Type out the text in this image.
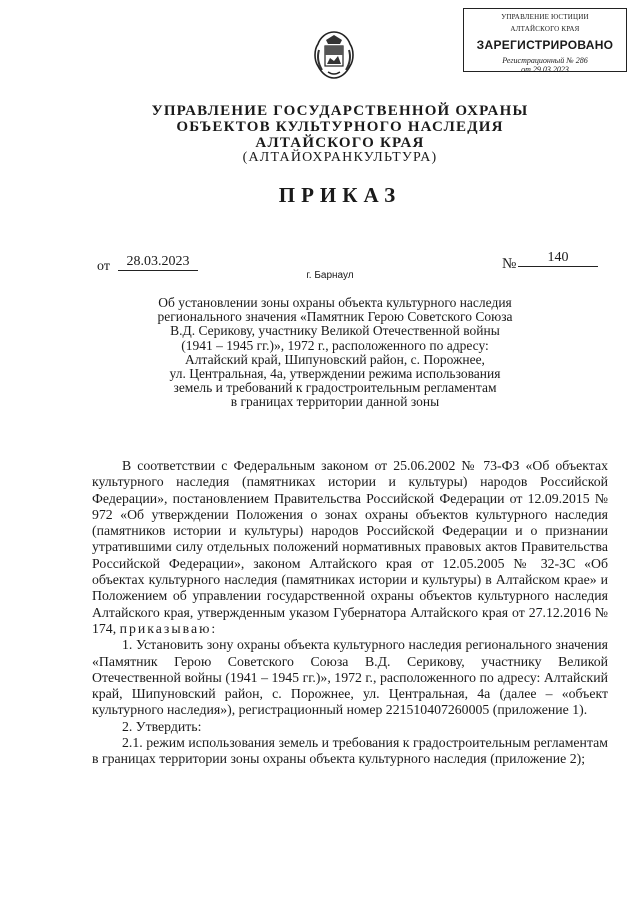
УПРАВЛЕНИЕ ЮСТИЦИИ
АЛТАЙСКОГО КРАЯ
ЗАРЕГИСТРИРОВАНО
Регистрационный № 286
от 29.03.2023
УПРАВЛЕНИЕ ГОСУДАРСТВЕННОЙ ОХРАНЫ
ОБЪЕКТОВ КУЛЬТУРНОГО НАСЛЕДИЯ
АЛТАЙСКОГО КРАЯ
(АЛТАЙОХРАНКУЛЬТУРА)
ПРИКАЗ
от	28.03.2023	№	140
г. Барнаул
Об установлении зоны охраны объекта культурного наследия
регионального значения «Памятник Герою Советского Союза
В.Д. Серикову, участнику Великой Отечественной войны
(1941 – 1945 гг.)», 1972 г., расположенного по адресу:
Алтайский край, Шипуновский район, с. Порожнее,
ул. Центральная, 4а, утверждении режима использования
земель и требований к градостроительным регламентам
в границах территории данной зоны

В соответствии с Федеральным законом от 25.06.2002 № 73-ФЗ «Об объектах культурного наследия (памятниках истории и культуры) народов Российской Федерации», постановлением Правительства Российской Федерации от 12.09.2015 № 972 «Об утверждении Положения о зонах охраны объектов культурного наследия (памятников истории и культуры) народов Российской Федерации и о признании утратившими силу отдельных положений нормативных правовых актов Правительства Российской Федерации», законом Алтайского края от 12.05.2005 № 32-ЗС «Об объектах культурного наследия (памятниках истории и культуры) в Алтайском крае» и Положением об управлении государственной охраны объектов культурного наследия Алтайского края, утвержденным указом Губернатора Алтайского края от 27.12.2016 № 174, приказываю:

1. Установить зону охраны объекта культурного наследия регионального значения «Памятник Герою Советского Союза В.Д. Серикову, участнику Великой Отечественной войны (1941 – 1945 гг.)», 1972 г., расположенного по адресу: Алтайский край, Шипуновский район, с. Порожнее, ул. Центральная, 4а (далее – «объект культурного наследия»), регистрационный номер 221510407260005 (приложение 1).

2. Утвердить:

2.1. режим использования земель и требования к градостроительным регламентам в границах территории зоны охраны объекта культурного наследия (приложение 2);
